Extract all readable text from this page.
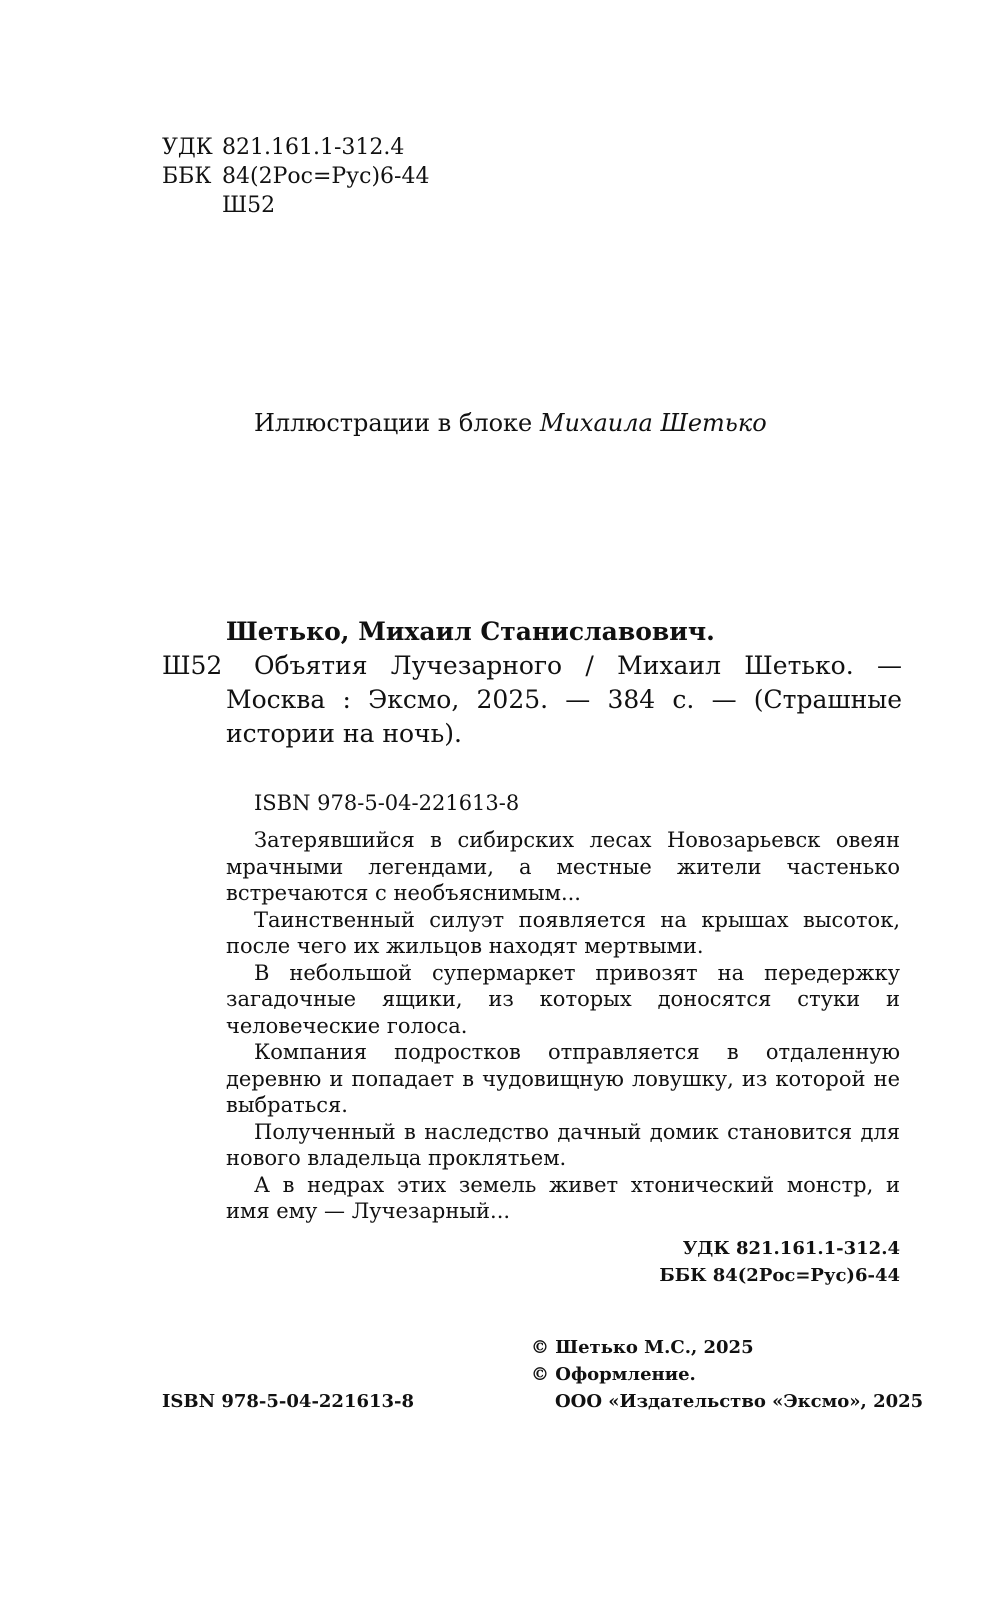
УДК 821.161.1-312.4
ББК 84(2Рос=Рус)6-44
Ш52
Иллюстрации в блоке Михаила Шетько
Шетько, Михаил Станиславович.
Ш52	Объятия Лучезарного / Михаил Шетько. — Москва : Эксмо, 2025. — 384 с. — (Страшные истории на ночь).
ISBN 978-5-04-221613-8

Затерявшийся в сибирских лесах Новозарьевск овеян мрачными легендами, а местные жители частенько встречаются с необъяснимым...

Таинственный силуэт появляется на крышах высоток, после чего их жильцов находят мертвыми.

В небольшой супермаркет привозят на передержку загадочные ящики, из которых доносятся стуки и человеческие голоса.

Компания подростков отправляется в отдаленную деревню и попадает в чудовищную ловушку, из которой не выбраться.

Полученный в наследство дачный домик становится для нового владельца проклятьем.

А в недрах этих земель живет хтонический монстр, и имя ему — Лучезарный...

УДК 821.161.1-312.4
ББК 84(2Рос=Рус)6-44
© Шетько М.С., 2025
© Оформление.
ООО «Издательство «Эксмо», 2025
ISBN 978-5-04-221613-8
